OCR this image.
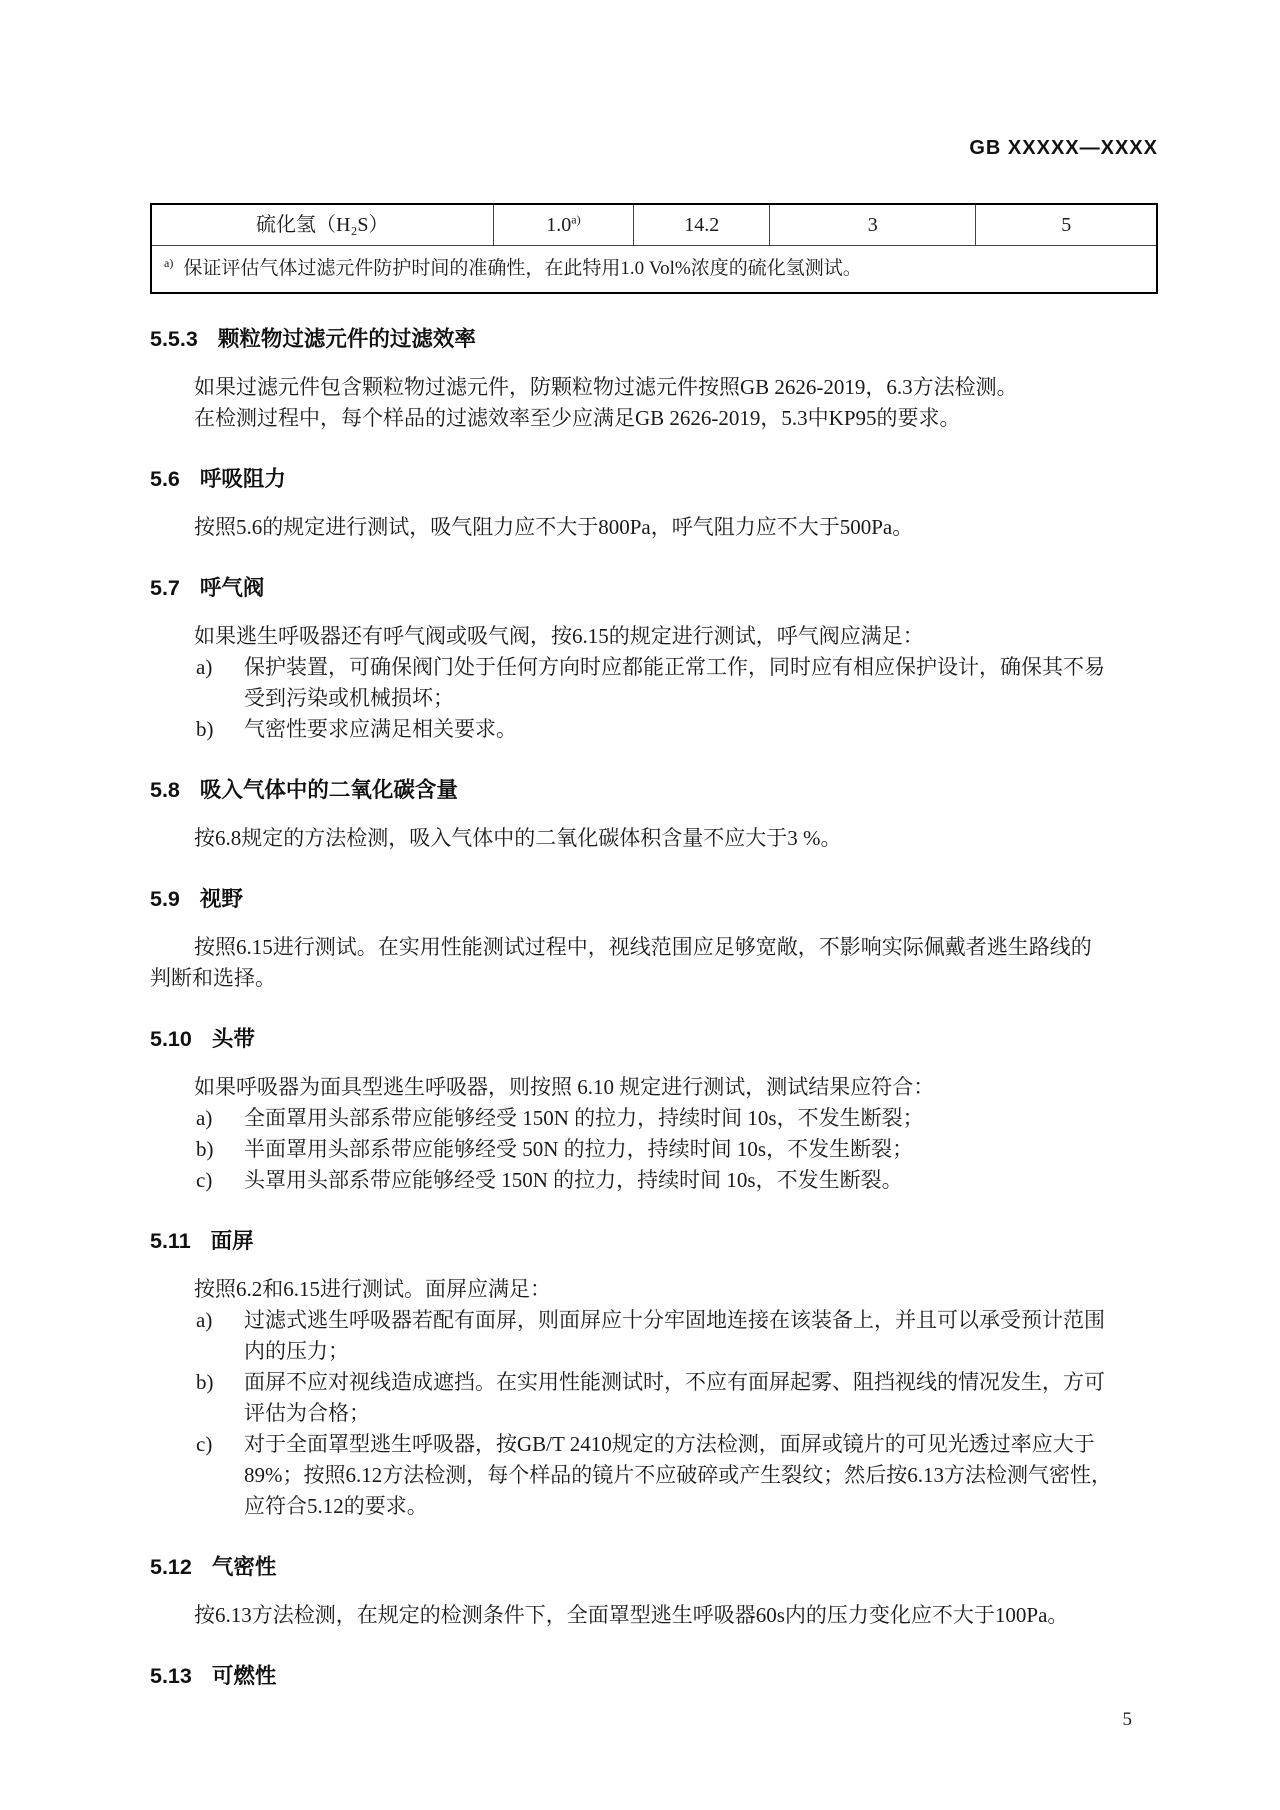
GB XXXXX—XXXX
硫化氢（H₂S）	1.0$^{a)}$	14.2	3	5
$^{a)}$ 保证评估气体过滤元件防护时间的准确性，在此特用1.0 Vol%浓度的硫化氢测试。
5.5.3 颗粒物过滤元件的过滤效率
如果过滤元件包含颗粒物过滤元件，防颗粒物过滤元件按照GB 2626-2019，6.3方法检测。
在检测过程中，每个样品的过滤效率至少应满足GB 2626-2019，5.3中KP95的要求。
5.6 呼吸阻力
按照5.6的规定进行测试，吸气阻力应不大于800Pa，呼气阻力应不大于500Pa。
5.7 呼气阀
如果逃生呼吸器还有呼气阀或吸气阀，按6.15的规定进行测试，呼气阀应满足：
a) 保护装置，可确保阀门处于任何方向时应都能正常工作，同时应有相应保护设计，确保其不易
受到污染或机械损坏；
b) 气密性要求应满足相关要求。
5.8 吸入气体中的二氧化碳含量
按6.8规定的方法检测，吸入气体中的二氧化碳体积含量不应大于3 %。
5.9 视野
按照6.15进行测试。在实用性能测试过程中，视线范围应足够宽敞，不影响实际佩戴者逃生路线的
判断和选择。
5.10 头带
如果呼吸器为面具型逃生呼吸器，则按照 6.10 规定进行测试，测试结果应符合：
a) 全面罩用头部系带应能够经受 150N 的拉力，持续时间 10s，不发生断裂；
b) 半面罩用头部系带应能够经受 50N 的拉力，持续时间 10s，不发生断裂；
c) 头罩用头部系带应能够经受 150N 的拉力，持续时间 10s，不发生断裂。
5.11 面屏
按照6.2和6.15进行测试。面屏应满足：
a) 过滤式逃生呼吸器若配有面屏，则面屏应十分牢固地连接在该装备上，并且可以承受预计范围
内的压力；
b) 面屏不应对视线造成遮挡。在实用性能测试时，不应有面屏起雾、阻挡视线的情况发生，方可
评估为合格；
c) 对于全面罩型逃生呼吸器，按GB/T 2410规定的方法检测，面屏或镜片的可见光透过率应大于
89%；按照6.12方法检测，每个样品的镜片不应破碎或产生裂纹；然后按6.13方法检测气密性，
应符合5.12的要求。
5.12 气密性
按6.13方法检测，在规定的检测条件下，全面罩型逃生呼吸器60s内的压力变化应不大于100Pa。
5.13 可燃性
5
